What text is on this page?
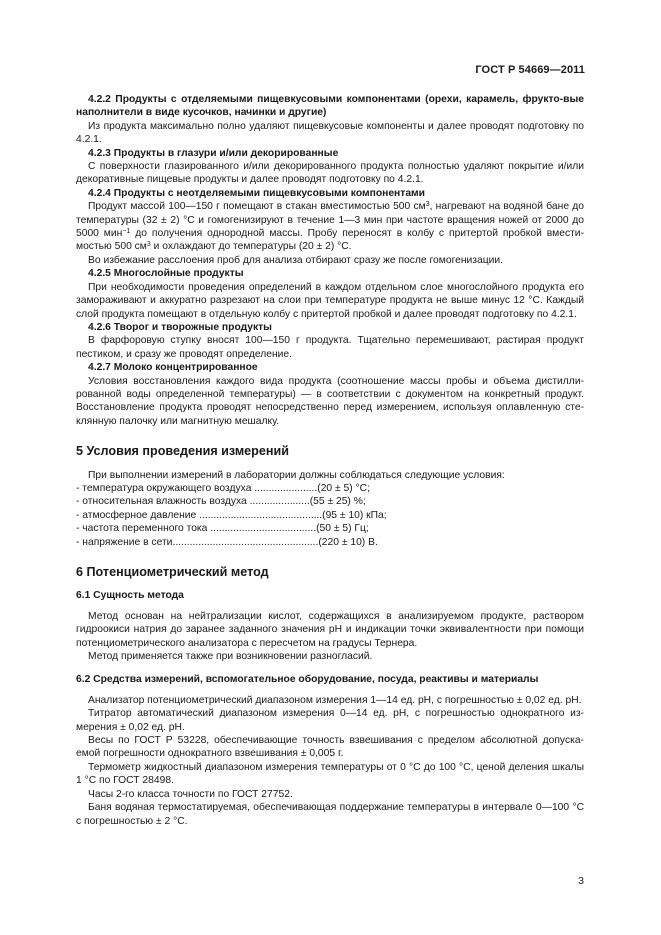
ГОСТ Р 54669—2011

4.2.2 Продукты с отделяемыми пищевкусовыми компонентами (орехи, карамель, фрукто-вые наполнители в виде кусочков, начинки и другие)

Из продукта максимально полно удаляют пищевкусовые компоненты и далее проводят подготовку по 4.2.1.

4.2.3 Продукты в глазури и/или декорированные

С поверхности глазированного и/или декорированного продукта полностью удаляют покрытие и/или декоративные пищевые продукты и далее проводят подготовку по 4.2.1.

4.2.4 Продукты с неотделяемыми пищевкусовыми компонентами

Продукт массой 100—150 г помещают в стакан вместимостью 500 $см^3$, нагревают на водяной бане до температуры (32 ± 2) °С и гомогенизируют в течение 1—3 мин при частоте вращения ножей от 2000 до 5000 мин$^{-1}$ до получения однородной массы. Пробу переносят в колбу с притертой пробкой вмести-мостью 500 $см^3$ и охлаждают до температуры (20 ± 2) °С.

Во избежание расслоения проб для анализа отбирают сразу же после гомогенизации.

4.2.5 Многослойные продукты

При необходимости проведения определений в каждом отдельном слое многослойного продукта его замораживают и аккуратно разрезают на слои при температуре продукта не выше минус 12 °С. Каждый слой продукта помещают в отдельную колбу с притертой пробкой и далее проводят подготовку по 4.2.1.

4.2.6 Творог и творожные продукты

В фарфоровую ступку вносят 100—150 г продукта. Тщательно перемешивают, растирая продукт пестиком, и сразу же проводят определение.

4.2.7 Молоко концентрированное

Условия восстановления каждого вида продукта (соотношение массы пробы и объема дистилли-рованной воды определенной температуры) — в соответствии с документом на конкретный продукт. Восстановление продукта проводят непосредственно перед измерением, используя оплавленную сте-клянную палочку или магнитную мешалку.

5 Условия проведения измерений

При выполнении измерений в лаборатории должны соблюдаться следующие условия:

- температура окружающего воздуха ......................(20 ± 5) °С;

- относительная влажность воздуха .....................(55 ± 25) %;

- атмосферное давление ...........................................(95 ± 10) кПа;

- частота переменного тока .....................................(50 ± 5) Гц;

- напряжение в сети...................................................(220 ± 10) В.

6 Потенциометрический метод

6.1 Сущность метода

Метод основан на нейтрализации кислот, содержащихся в анализируемом продукте, раствором гидроокиси натрия до заранее заданного значения рН и индикации точки эквивалентности при помощи потенциометрического анализатора с пересчетом на градусы Тернера.

Метод применяется также при возникновении разногласий.

6.2 Средства измерений, вспомогательное оборудование, посуда, реактивы и материалы

Анализатор потенциометрический диапазоном измерения 1—14 ед. рН, с погрешностью ± 0,02 ед. рН.

Титратор автоматический диапазоном измерения 0—14 ед. рН, с погрешностью однократного из-мерения ± 0,02 ед. рН.

Весы по ГОСТ Р 53228, обеспечивающие точность взвешивания с пределом абсолютной допуска-емой погрешности однократного взвешивания ± 0,005 г.

Термометр жидкостный диапазоном измерения температуры от 0 °С до 100 °С, ценой деления шкалы 1 °С по ГОСТ 28498.

Часы 2-го класса точности по ГОСТ 27752.

Баня водяная термостатируемая, обеспечивающая поддержание температуры в интервале 0—100 °С с погрешностью ± 2 °С.

3
